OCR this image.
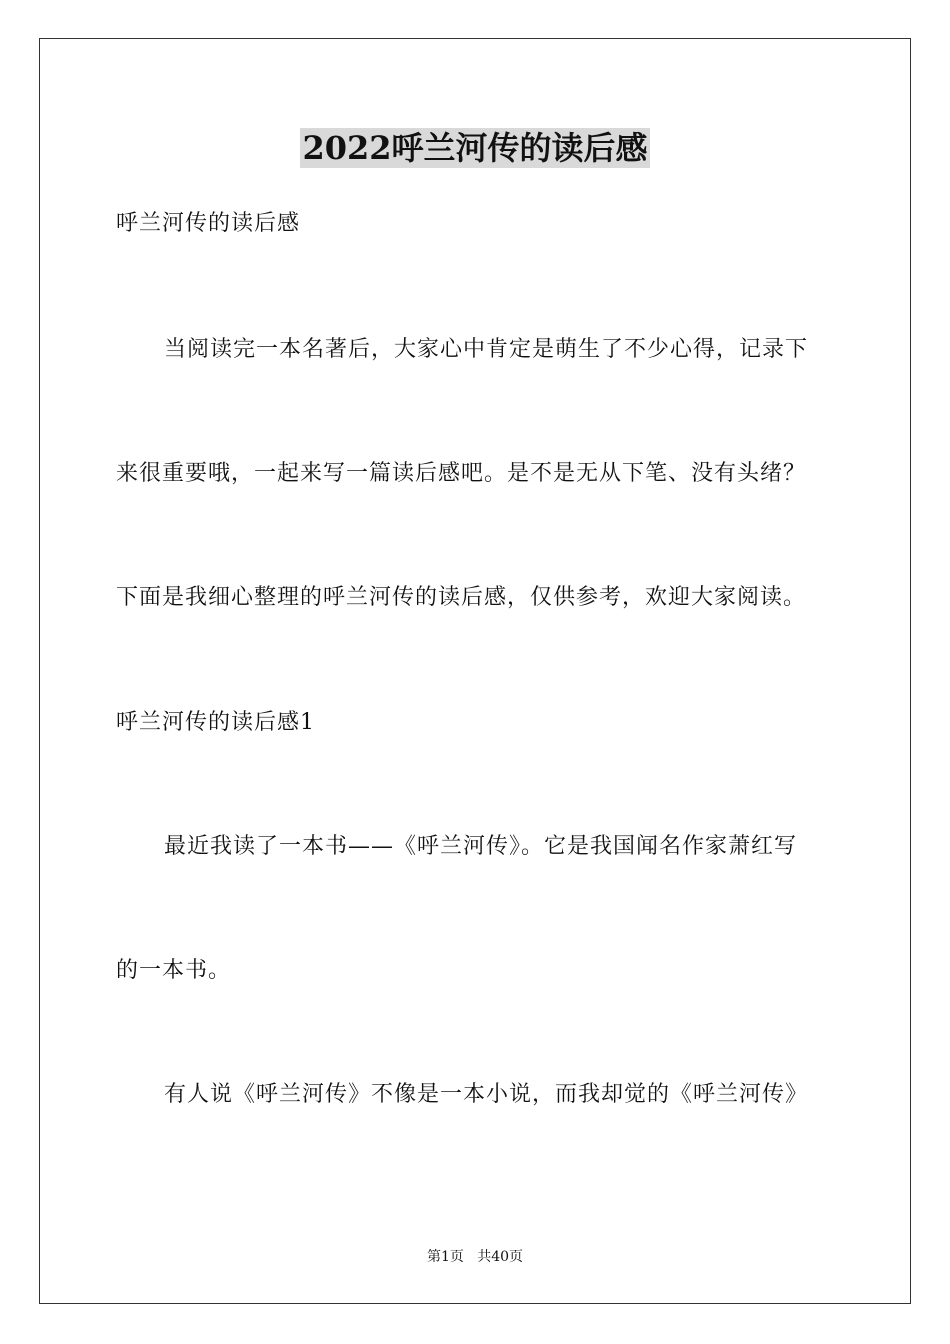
2022呼兰河传的读后感
呼兰河传的读后感
当阅读完一本名著后，大家心中肯定是萌生了不少心得，记录下
来很重要哦，一起来写一篇读后感吧。是不是无从下笔、没有头绪？
下面是我细心整理的呼兰河传的读后感，仅供参考，欢迎大家阅读。
呼兰河传的读后感1
最近我读了一本书——《呼兰河传》。它是我国闻名作家萧红写
的一本书。
有人说《呼兰河传》不像是一本小说，而我却觉的《呼兰河传》
第1页   共40页
